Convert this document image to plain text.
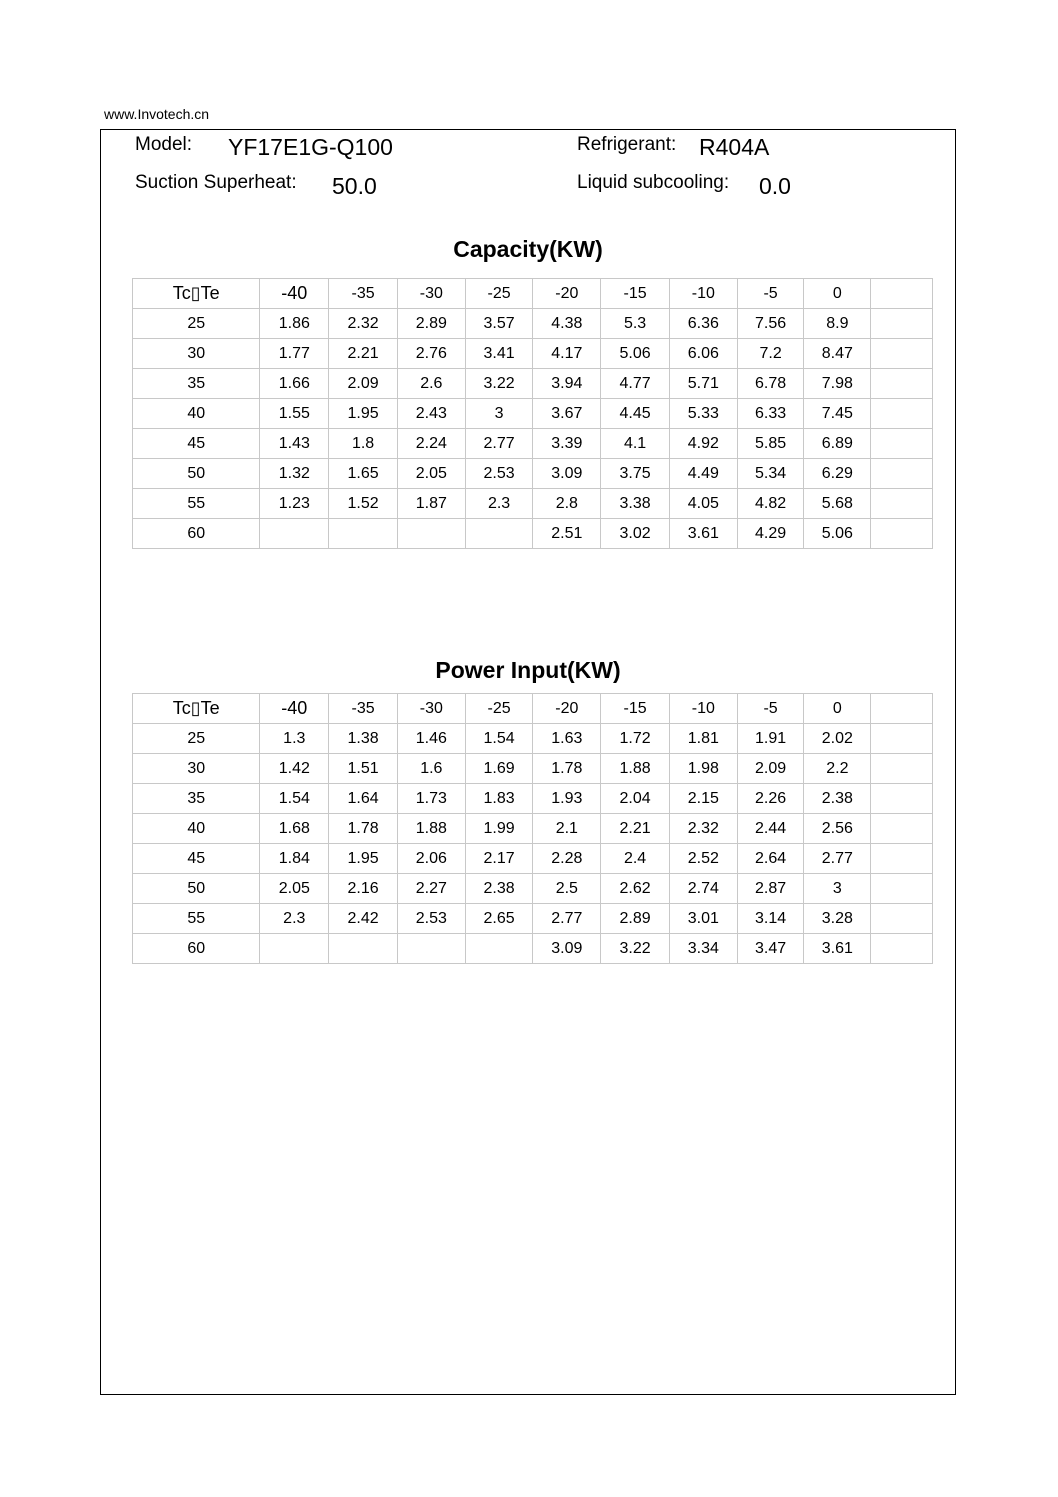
www.Invotech.cn
Model: YF17E1G-Q100	Refrigerant: R404A
Suction Superheat: 50.0	Liquid subcooling: 0.0
Capacity(KW)
Tc▯Te	-40	-35	-30	-25	-20	-15	-10	-5	0	
25	1.86	2.32	2.89	3.57	4.38	5.3	6.36	7.56	8.9	
30	1.77	2.21	2.76	3.41	4.17	5.06	6.06	7.2	8.47	
35	1.66	2.09	2.6	3.22	3.94	4.77	5.71	6.78	7.98	
40	1.55	1.95	2.43	3	3.67	4.45	5.33	6.33	7.45	
45	1.43	1.8	2.24	2.77	3.39	4.1	4.92	5.85	6.89	
50	1.32	1.65	2.05	2.53	3.09	3.75	4.49	5.34	6.29	
55	1.23	1.52	1.87	2.3	2.8	3.38	4.05	4.82	5.68	
60					2.51	3.02	3.61	4.29	5.06	
Power Input(KW)
Tc▯Te	-40	-35	-30	-25	-20	-15	-10	-5	0	
25	1.3	1.38	1.46	1.54	1.63	1.72	1.81	1.91	2.02	
30	1.42	1.51	1.6	1.69	1.78	1.88	1.98	2.09	2.2	
35	1.54	1.64	1.73	1.83	1.93	2.04	2.15	2.26	2.38	
40	1.68	1.78	1.88	1.99	2.1	2.21	2.32	2.44	2.56	
45	1.84	1.95	2.06	2.17	2.28	2.4	2.52	2.64	2.77	
50	2.05	2.16	2.27	2.38	2.5	2.62	2.74	2.87	3	
55	2.3	2.42	2.53	2.65	2.77	2.89	3.01	3.14	3.28	
60					3.09	3.22	3.34	3.47	3.61	
